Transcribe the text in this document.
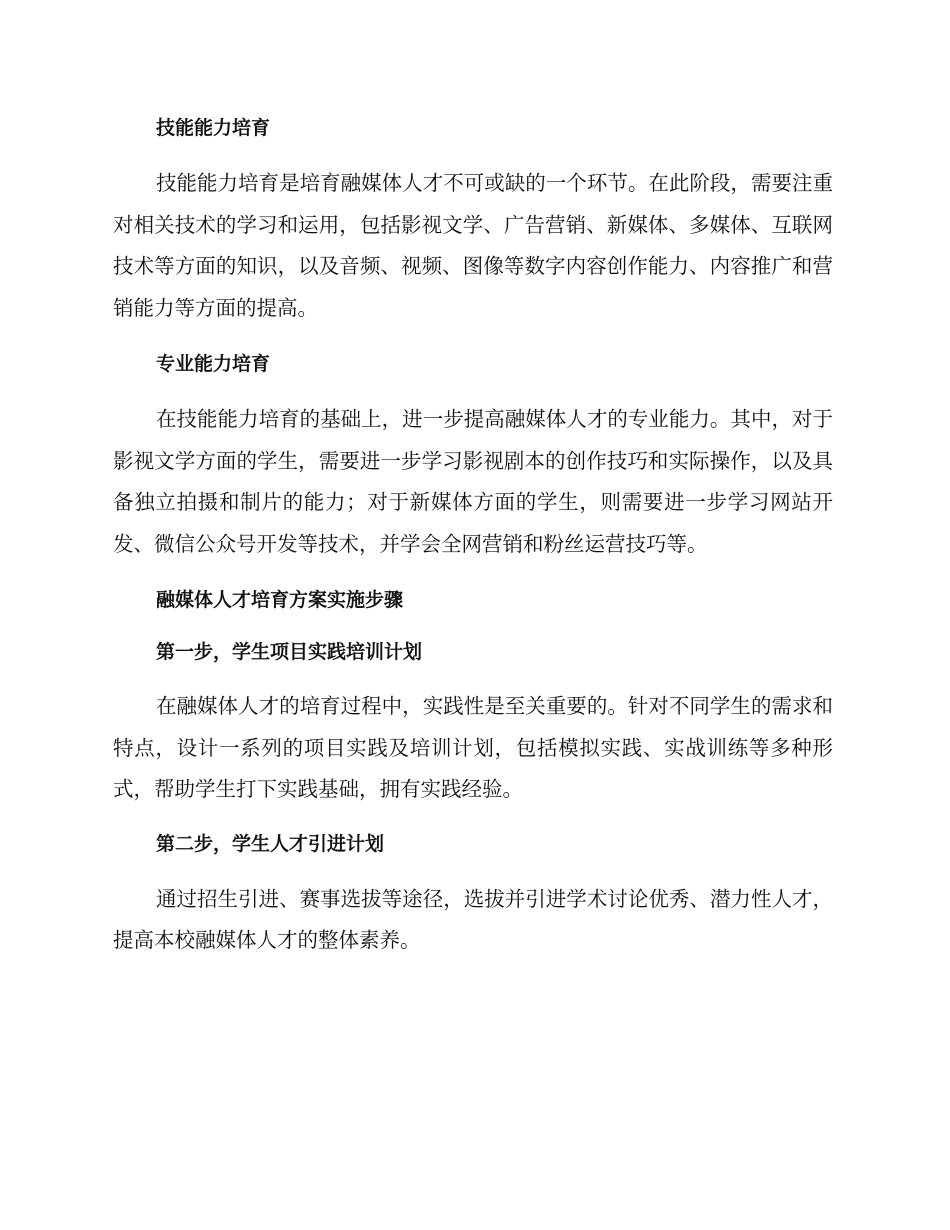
技能能力培育

技能能力培育是培育融媒体人才不可或缺的一个环节。在此阶段，需要注重对相关技术的学习和运用，包括影视文学、广告营销、新媒体、多媒体、互联网技术等方面的知识，以及音频、视频、图像等数字内容创作能力、内容推广和营销能力等方面的提高。

专业能力培育

在技能能力培育的基础上，进一步提高融媒体人才的专业能力。其中，对于影视文学方面的学生，需要进一步学习影视剧本的创作技巧和实际操作，以及具备独立拍摄和制片的能力；对于新媒体方面的学生，则需要进一步学习网站开发、微信公众号开发等技术，并学会全网营销和粉丝运营技巧等。

融媒体人才培育方案实施步骤

第一步，学生项目实践培训计划

在融媒体人才的培育过程中，实践性是至关重要的。针对不同学生的需求和特点，设计一系列的项目实践及培训计划，包括模拟实践、实战训练等多种形式，帮助学生打下实践基础，拥有实践经验。

第二步，学生人才引进计划

通过招生引进、赛事选拔等途径，选拔并引进学术讨论优秀、潜力性人才，提高本校融媒体人才的整体素养。
